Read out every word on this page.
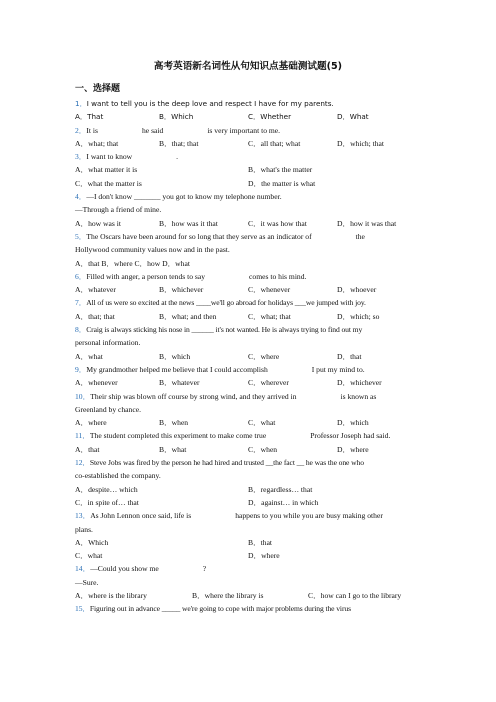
高考英语新名词性从句知识点基础测试题(5)
一、选择题
1．I want to tell you is the deep love and respect I have for my parents.
A．That	B．Which	C．Whether	D．What
2．It is	he said	is very important to me.
A．what; that	B．that; that	C．all that; what	D．which; that
3．I want to know	.
A．what matter it is	B．what's the matter
C．what the matter is	D．the matter is what
4．—I don't know _______ you got to know my telephone number.
—Through a friend of mine.
A．how was it	B．how was it that	C．it was how that	D．how it was that
5．The Oscars have been around for so long that they serve as an indicator of	the
Hollywood community values now and in the past.
A．that B．where C．how D．what
6．Filled with anger, a person tends to say	comes to his mind.
A．whatever	B．whichever	C．whenever	D．whoever
7．All of us were so excited at the news ____we'll go abroad for holidays ___we jumped with joy.
A．that; that	B．what; and then	C．what; that	D．which; so
8．Craig is always sticking his nose in ______ it's not wanted. He is always trying to find out my
personal information.
A．what	B．which	C．where	D．that
9．My grandmother helped me believe that I could accomplish	I put my mind to.
A．whenever	B．whatever	C．wherever	D．whichever
10．Their ship was blown off course by strong wind, and they arrived in	is known as
Greenland by chance.
A．where	B．when	C．what	D．which
11．The student completed this experiment to make come true	Professor Joseph had said.
A．that	B．what	C．when	D．where
12．Steve Jobs was fired by the person he had hired and trusted __the fact __ he was the one who
co-established the company.
A．despite… which	B．regardless… that
C．in spite of… that	D．against… in which
13．As John Lennon once said, life is	happens to you while you are busy making other
plans.
A．Which	B．that
C．what	D．where
14．—Could you show me	?
—Sure.
A．where is the library	B．where the library is	C．how can I go to the library
15．Figuring out in advance _____ we're going to cope with major problems during the virus
